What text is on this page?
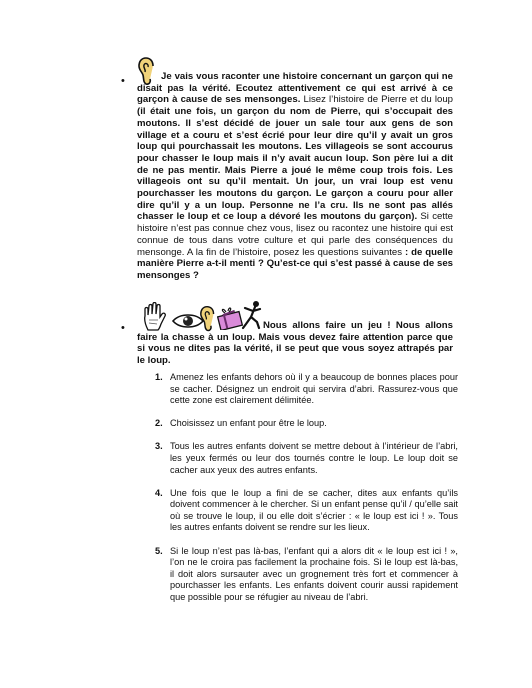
•	Je vais vous raconter une histoire concernant un garçon qui ne disait pas la vérité. Ecoutez attentivement ce qui est arrivé à ce garçon à cause de ses mensonges. Lisez l’histoire de Pierre et du loup (il était une fois, un garçon du nom de Pierre, qui s’occupait des moutons. Il s’est décidé de jouer un sale tour aux gens de son village et a couru et s’est écrié pour leur dire qu’il y avait un gros loup qui pourchassait les moutons. Les villageois se sont accourus pour chasser le loup mais il n’y avait aucun loup. Son père lui a dit de ne pas mentir. Mais Pierre a joué le même coup trois fois. Les villageois ont su qu’il mentait. Un jour, un vrai loup est venu pourchasser les moutons du garçon. Le garçon a couru pour aller dire qu’il y a un loup. Personne ne l’a cru. Ils ne sont pas allés chasser le loup et ce loup a dévoré les moutons du garçon). Si cette histoire n’est pas connue chez vous, lisez ou racontez une histoire qui est connue de tous dans votre culture et qui parle des conséquences du mensonge. A la fin de l’histoire, posez les questions suivantes : de quelle manière Pierre a-t-il menti ? Qu’est-ce qui s’est passé à cause de ses mensonges ?
•	Nous allons faire un jeu ! Nous allons faire la chasse à un loup. Mais vous devez faire attention parce que si vous ne dites pas la vérité, il se peut que vous soyez attrapés par le loup.
1. Amenez les enfants dehors où il y a beaucoup de bonnes places pour se cacher. Désignez un endroit qui servira d’abri. Rassurez-vous que cette zone est clairement délimitée.
2. Choisissez un enfant pour être le loup.
3. Tous les autres enfants doivent se mettre debout à l’intérieur de l’abri, les yeux fermés ou leur dos tournés contre le loup. Le loup doit se cacher aux yeux des autres enfants.
4. Une fois que le loup a fini de se cacher, dites aux enfants qu’ils doivent commencer à le chercher. Si un enfant pense qu’il / qu’elle sait où se trouve le loup, il ou elle doit s’écrier : « le loup est ici ! ». Tous les autres enfants doivent se rendre sur les lieux.
5. Si le loup n’est pas là-bas, l’enfant qui a alors dit « le loup est ici ! », l’on ne le croira pas facilement la prochaine fois. Si le loup est là-bas, il doit alors sursauter avec un grognement très fort et commencer à pourchasser les enfants. Les enfants doivent courir aussi rapidement que possible pour se réfugier au niveau de l’abri.
